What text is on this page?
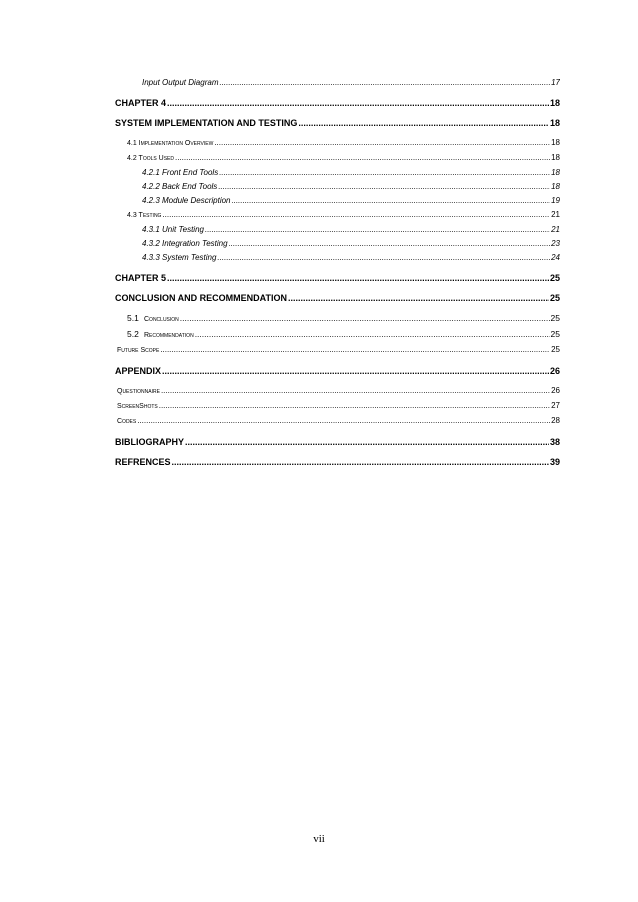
Input Output Diagram .....	17
CHAPTER 4 .....	18
SYSTEM IMPLEMENTATION AND TESTING .....	18
4.1 Implementation Overview .....	18
4.2 Tools Used .....	18
4.2.1 Front End Tools .....	18
4.2.2 Back End Tools .....	18
4.2.3 Module Description .....	19
4.3 Testing .....	21
4.3.1 Unit Testing .....	21
4.3.2 Integration Testing .....	23
4.3.3 System Testing .....	24
CHAPTER 5 .....	25
CONCLUSION AND RECOMMENDATION .....	25
5.1 Conclusion .....	25
5.2 Recommendation .....	25
Future Scope .....	25
APPENDIX .....	26
Questionnaire .....	26
ScreenShots .....	27
Codes .....	28
BIBLIOGRAPHY .....	38
REFRENCES .....	39
vii
